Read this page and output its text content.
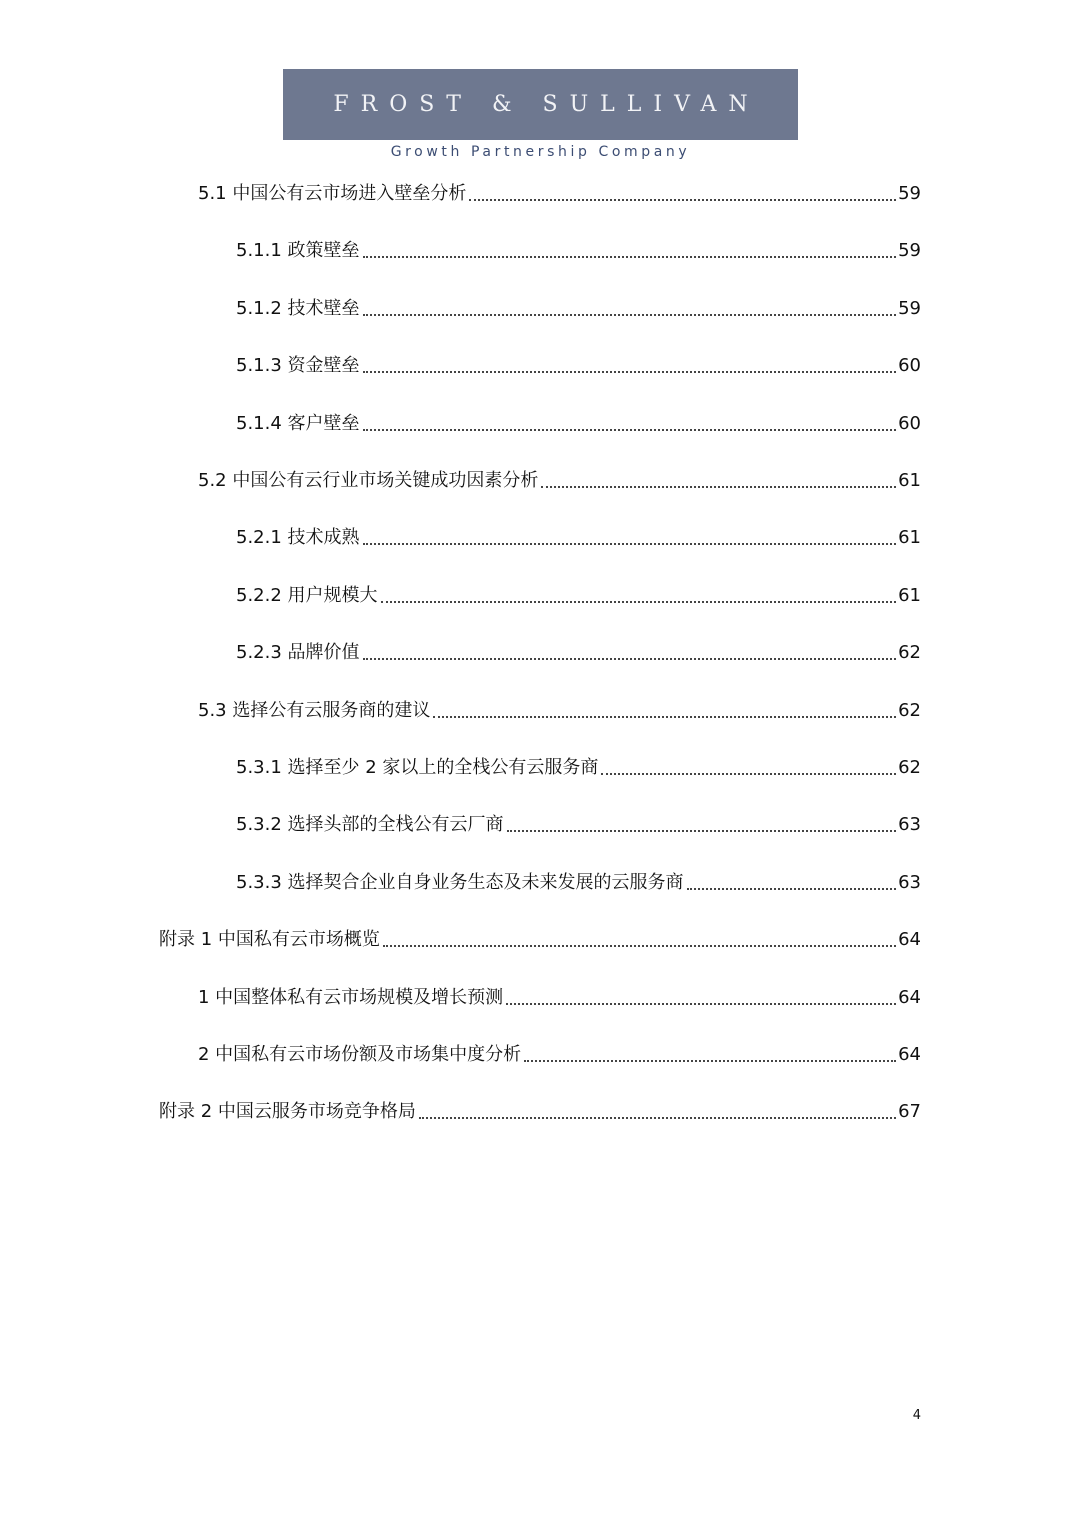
FROST & SULLIVAN
Growth Partnership Company
5.1 中国公有云市场进入壁垒分析	59
5.1.1 政策壁垒	59
5.1.2 技术壁垒	59
5.1.3 资金壁垒	60
5.1.4 客户壁垒	60
5.2 中国公有云行业市场关键成功因素分析	61
5.2.1 技术成熟	61
5.2.2 用户规模大	61
5.2.3 品牌价值	62
5.3 选择公有云服务商的建议	62
5.3.1 选择至少 2 家以上的全栈公有云服务商	62
5.3.2 选择头部的全栈公有云厂商	63
5.3.3 选择契合企业自身业务生态及未来发展的云服务商	63
附录 1 中国私有云市场概览	64
1 中国整体私有云市场规模及增长预测	64
2 中国私有云市场份额及市场集中度分析	64
附录 2 中国云服务市场竞争格局	67
4
